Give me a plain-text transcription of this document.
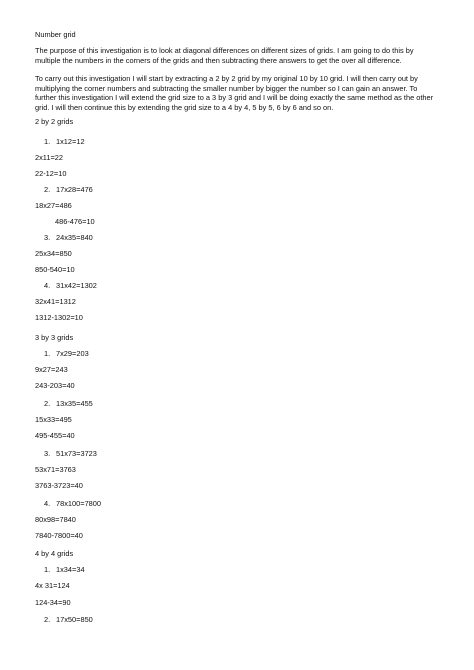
Number grid
The purpose of this investigation is to look at diagonal differences on different sizes of grids. I am going to do this by multiple the numbers in the corners of the grids and then subtracting there answers to get the over all difference.
To carry out this investigation I will start by extracting a 2 by 2 grid by my original 10 by 10 grid. I will then carry out by multiplying the corner numbers and subtracting the smaller number by bigger the number so I can gain an answer. To further this investigation I will extend the grid size to a 3 by 3 grid and I will be doing exactly the same method as the other grid. I will then continue this by extending the grid size to a 4 by 4, 5 by 5, 6 by 6 and so on.
2 by 2 grids
1. 1x12=12
2x11=22
22-12=10
2. 17x28=476
18x27=486
486-476=10
3. 24x35=840
25x34=850
850-540=10
4. 31x42=1302
32x41=1312
1312-1302=10
3 by 3 grids
1. 7x29=203
9x27=243
243-203=40
2. 13x35=455
15x33=495
495-455=40
3. 51x73=3723
53x71=3763
3763-3723=40
4. 78x100=7800
80x98=7840
7840-7800=40
4 by 4 grids
1. 1x34=34
4x 31=124
124-34=90
2. 17x50=850
